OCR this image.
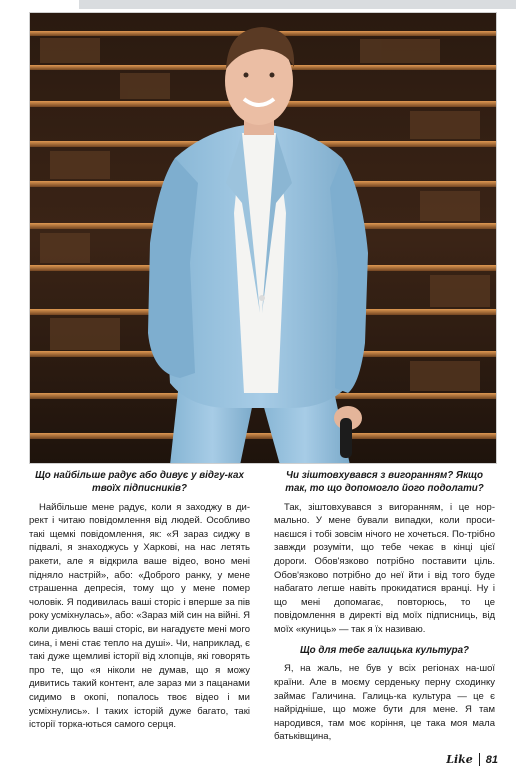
Що найбільше радує або дивує у відгу-ках твоїх підписників?

Найбільше мене радує, коли я заходжу в ди-рект і читаю повідомлення від людей. Особливо такі щемкі повідомлення, як: «Я зараз сиджу в підвалі, я знаходжусь у Харкові, на нас летять ракети, але я відкрила ваше відео, воно мені підняло настрій», або: «Доброго ранку, у мене страшенна депресія, тому що у мене помер чоловік. Я подивилась ваші сторіс і вперше за пів року усміхнулась», або: «Зараз мій син на війні. Я коли дивлюсь ваші сторіс, ви нагадуєте мені мого сина, і мені стає тепло на душі». Чи, наприклад, є такі дуже щемливі історії від хлопців, які говорять про те, що «я ніколи не думав, що я можу дивитись такий контент, але зараз ми з пацанами сидимо в окопі, попалось твоє відео і ми усміхнулись». І таких історій дуже багато, такі історії торка-ються самого серця.

Чи зіштовхувався з вигоранням? Якщо так, то що допомогло його подолати?

Так, зіштовхувався з вигоранням, і це нор-мально. У мене бували випадки, коли проси-наєшся і тобі зовсім нічого не хочеться. По-трібно завжди розуміти, що тебе чекає в кінці цієї дороги. Обов'язково потрібно поставити ціль. Обов'язково потрібно до неї йти і від того буде набагато легше навіть прокидатися вранці. Ну і що мені допомагає, повторюсь, то це повідомлення в директі від моїх підписниць, від моїх «куниць» — так я їх називаю.

Що для тебе галицька культура?

Я, на жаль, не був у всіх регіонах на-шої країни. Але в моєму серденьку перну сходинку займає Галичина. Галиць-ка культура — це є найрідніше, що може бути для мене. Я там народився, там моє коріння, це така моя мала батьківщина,

Like 81
